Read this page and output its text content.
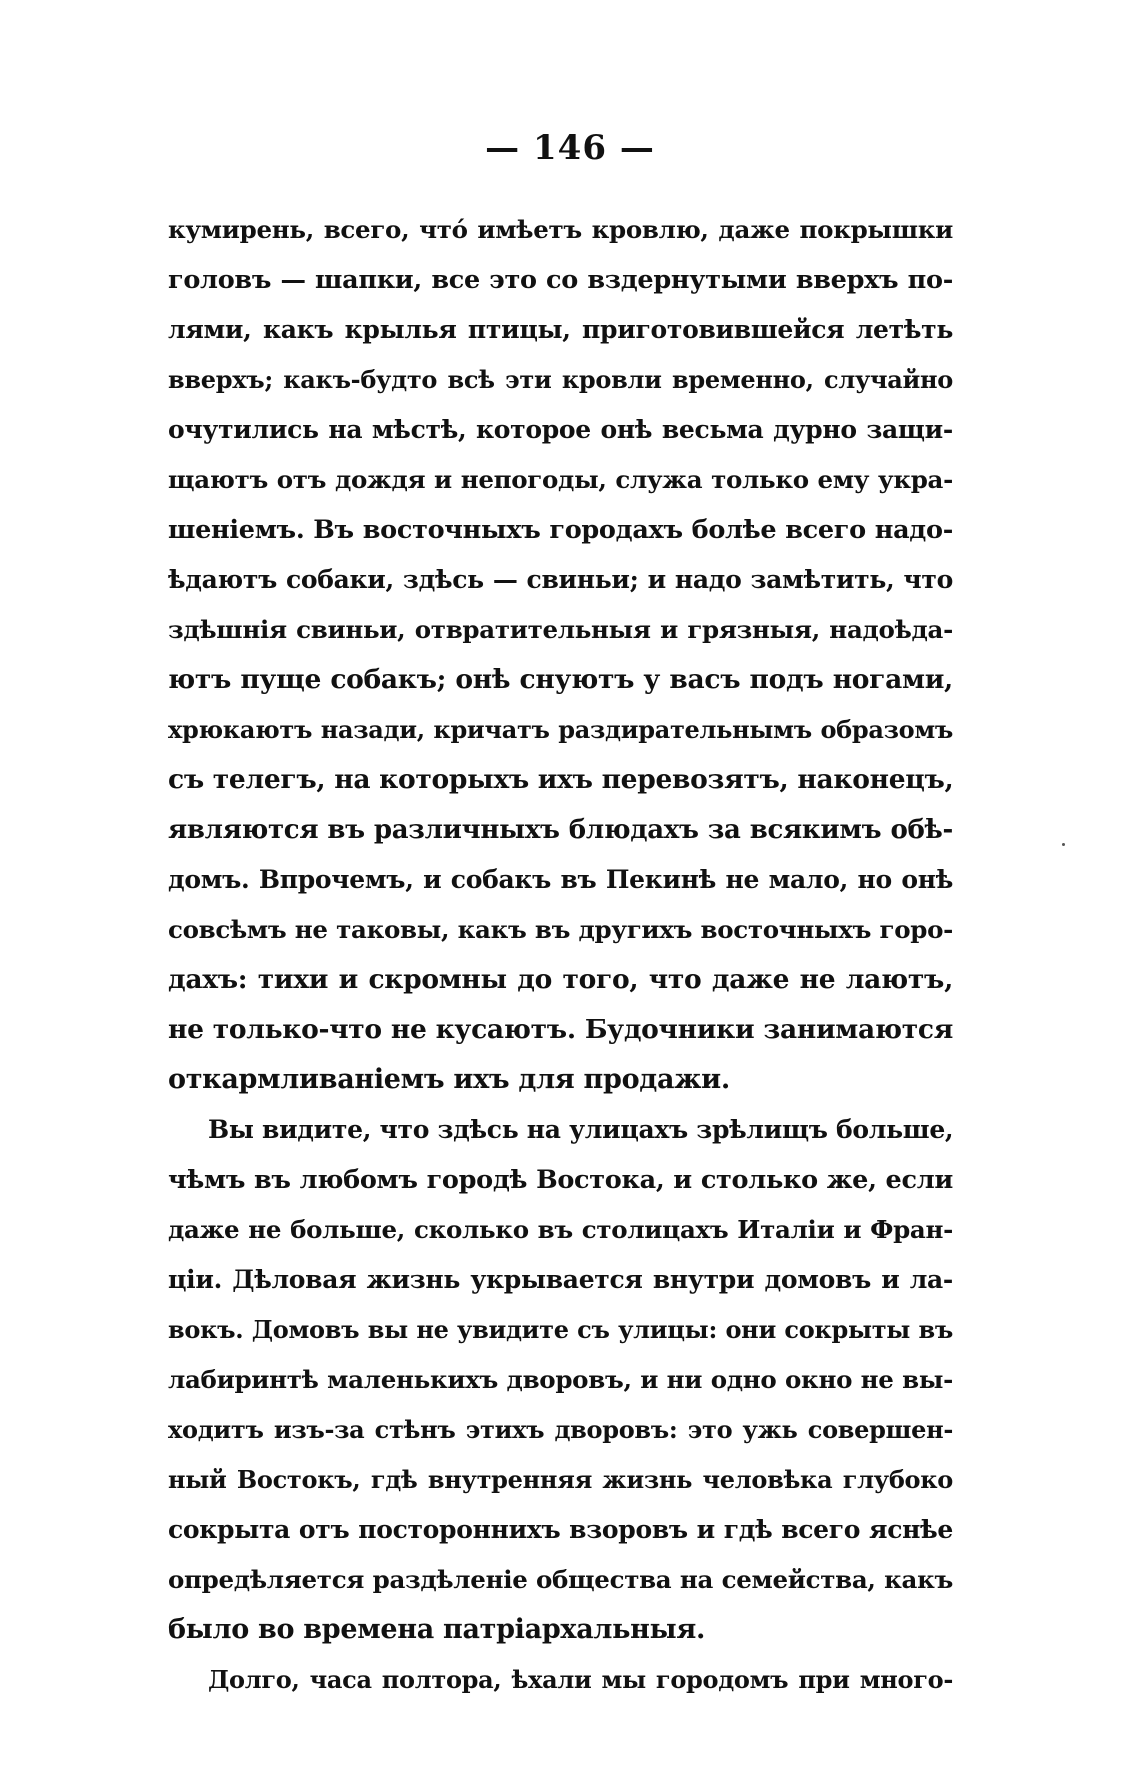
— 146 —
кумирень, всего, чтó имѣетъ кровлю, даже покрышки
головъ — шапки, все это со вздернутыми вверхъ по-
лями, какъ крылья птицы, приготовившейся летѣть
вверхъ; какъ-будто всѣ эти кровли временно, случайно
очутились на мѣстѣ, которое онѣ весьма дурно защи-
щаютъ отъ дождя и непогоды, служа только ему укра-
шеніемъ. Въ восточныхъ городахъ болѣе всего надо-
ѣдаютъ собаки, здѣсь — свиньи; и надо замѣтить, что
здѣшнія свиньи, отвратительныя и грязныя, надоѣда-
ютъ пуще собакъ; онѣ снуютъ у васъ подъ ногами,
хрюкаютъ назади, кричатъ раздирательнымъ образомъ
съ телегъ, на которыхъ ихъ перевозятъ, наконецъ,
являются въ различныхъ блюдахъ за всякимъ обѣ-
домъ. Впрочемъ, и собакъ въ Пекинѣ не мало, но онѣ
совсѣмъ не таковы, какъ въ другихъ восточныхъ горо-
дахъ: тихи и скромны до того, что даже не лаютъ,
не только-что не кусаютъ. Будочники занимаются
откармливаніемъ ихъ для продажи.
Вы видите, что здѣсь на улицахъ зрѣлищъ больше,
чѣмъ въ любомъ городѣ Востока, и столько же, если
даже не больше, сколько въ столицахъ Италіи и Фран-
ціи. Дѣловая жизнь укрывается внутри домовъ и ла-
вокъ. Домовъ вы не увидите съ улицы: они сокрыты въ
лабиринтѣ маленькихъ дворовъ, и ни одно окно не вы-
ходитъ изъ-за стѣнъ этихъ дворовъ: это ужь совершен-
ный Востокъ, гдѣ внутренняя жизнь человѣка глубоко
сокрыта отъ постороннихъ взоровъ и гдѣ всего яснѣе
опредѣляется раздѣленіе общества на семейства, какъ
было во времена патріархальныя.
Долго, часа полтора, ѣхали мы городомъ при много-
